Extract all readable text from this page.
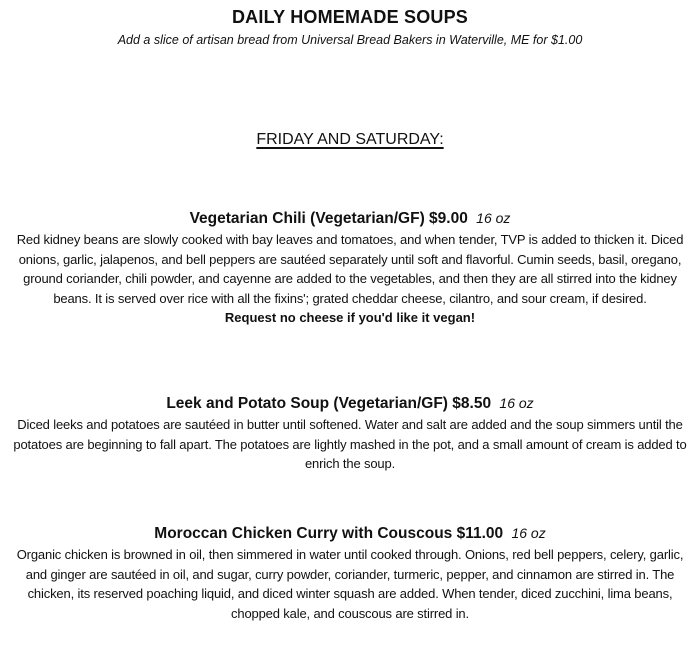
DAILY HOMEMADE SOUPS
Add a slice of artisan bread from Universal Bread Bakers in Waterville, ME for $1.00
FRIDAY AND SATURDAY:

Vegetarian Chili (Vegetarian/GF) $9.00 16 oz

Red kidney beans are slowly cooked with bay leaves and tomatoes, and when tender, TVP is added to thicken it. Diced onions, garlic, jalapenos, and bell peppers are sautéed separately until soft and flavorful. Cumin seeds, basil, oregano, ground coriander, chili powder, and cayenne are added to the vegetables, and then they are all stirred into the kidney beans. It is served over rice with all the fixins'; grated cheddar cheese, cilantro, and sour cream, if desired.

Request no cheese if you'd like it vegan!

Leek and Potato Soup (Vegetarian/GF) $8.50 16 oz

Diced leeks and potatoes are sautéed in butter until softened. Water and salt are added and the soup simmers until the potatoes are beginning to fall apart. The potatoes are lightly mashed in the pot, and a small amount of cream is added to enrich the soup.

Moroccan Chicken Curry with Couscous $11.00 16 oz

Organic chicken is browned in oil, then simmered in water until cooked through. Onions, red bell peppers, celery, garlic, and ginger are sautéed in oil, and sugar, curry powder, coriander, turmeric, pepper, and cinnamon are stirred in. The chicken, its reserved poaching liquid, and diced winter squash are added. When tender, diced zucchini, lima beans, chopped kale, and couscous are stirred in.
